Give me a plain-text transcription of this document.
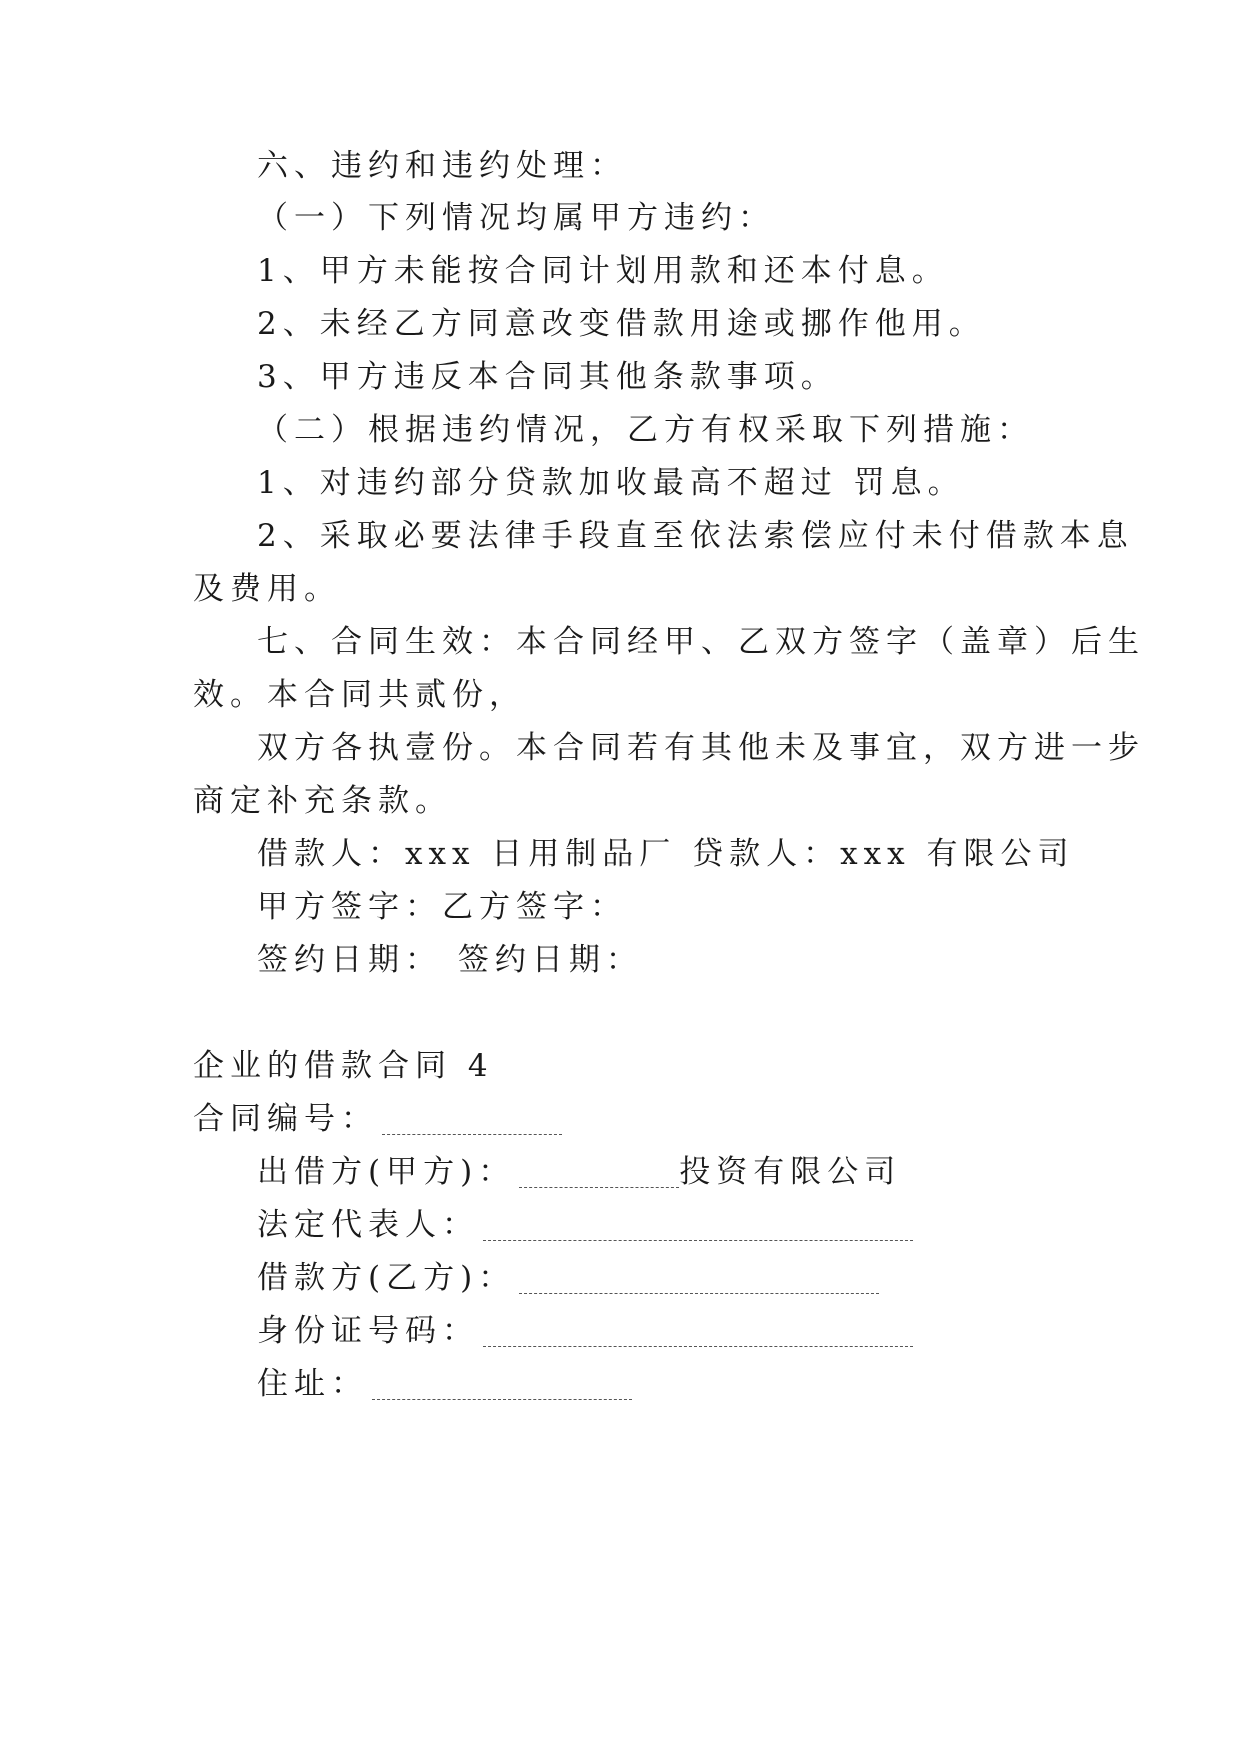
六、违约和违约处理：
（一）下列情况均属甲方违约：
1、甲方未能按合同计划用款和还本付息。
2、未经乙方同意改变借款用途或挪作他用。
3、甲方违反本合同其他条款事项。
（二）根据违约情况，乙方有权采取下列措施：
1、对违约部分贷款加收最高不超过 罚息。
2、采取必要法律手段直至依法索偿应付未付借款本息
及费用。
七、合同生效：本合同经甲、乙双方签字（盖章）后生
效。本合同共贰份，
双方各执壹份。本合同若有其他未及事宜，双方进一步
商定补充条款。
借款人：xxx 日用制品厂 贷款人：xxx 有限公司
甲方签字：乙方签字：
签约日期： 签约日期：
企业的借款合同 4
合同编号：
出借方(甲方)：	投资有限公司
法定代表人：
借款方(乙方)：
身份证号码：
住址：
